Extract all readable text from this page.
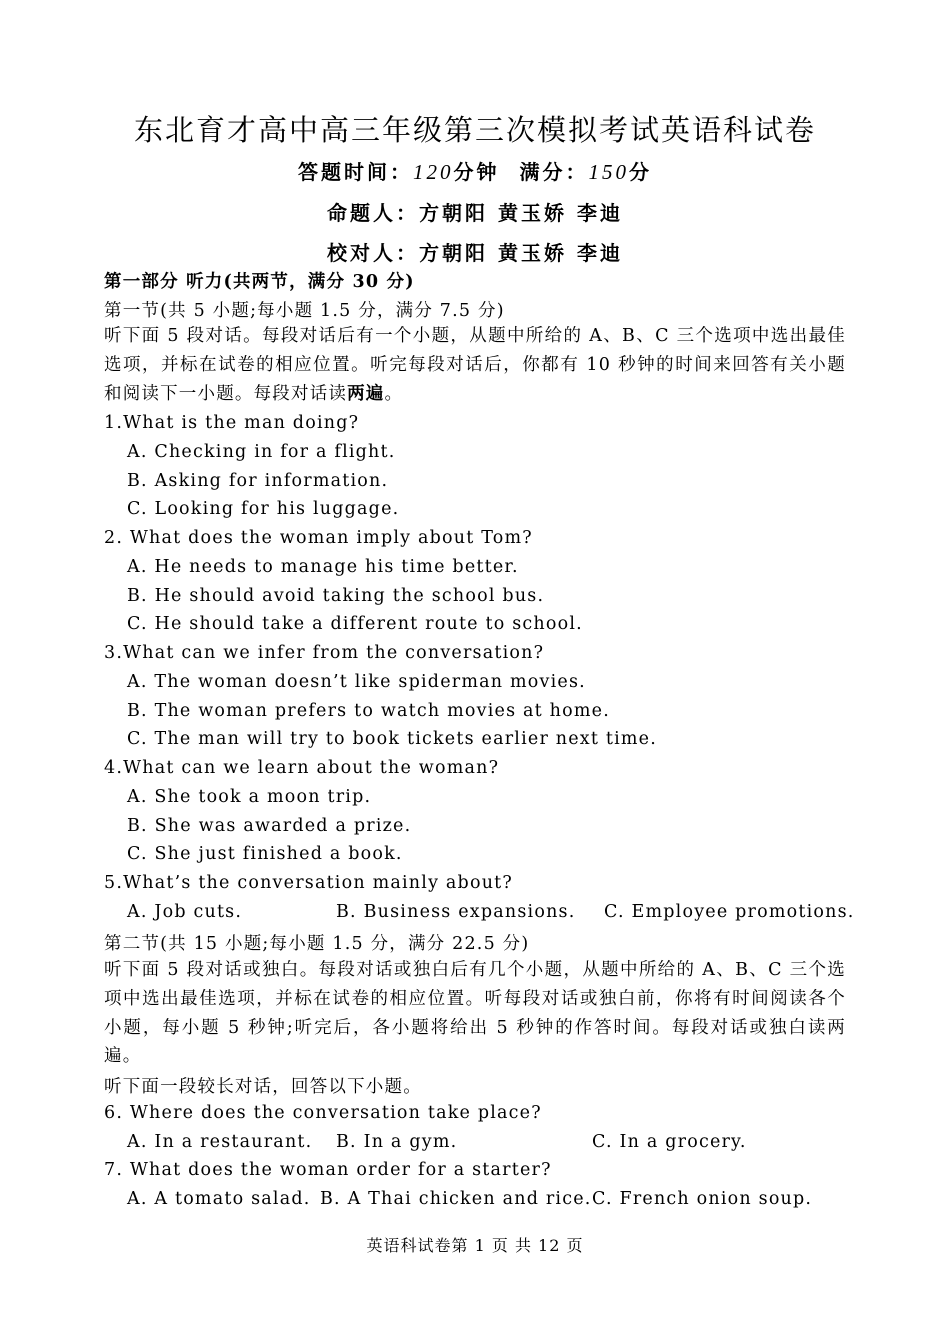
东北育才高中高三年级第三次模拟考试英语科试卷
答题时间：120分钟 满分：150分
命题人：方朝阳 黄玉娇 李迪
校对人：方朝阳 黄玉娇 李迪
第一部分 听力(共两节，满分 30 分)
第一节(共 5 小题;每小题 1.5 分，满分 7.5 分)
听下面 5 段对话。每段对话后有一个小题，从题中所给的 A、B、C 三个选项中选出最佳选项，并标在试卷的相应位置。听完每段对话后，你都有 10 秒钟的时间来回答有关小题和阅读下一小题。每段对话读两遍。
1.What is the man doing?
A. Checking in for a flight.
B. Asking for information.
C. Looking for his luggage.
2. What does the woman imply about Tom?
A. He needs to manage his time better.
B. He should avoid taking the school bus.
C. He should take a different route to school.
3.What can we infer from the conversation?
A. The woman doesn’t like spiderman movies.
B. The woman prefers to watch movies at home.
C. The man will try to book tickets earlier next time.
4.What can we learn about the woman?
A. She took a moon trip.
B. She was awarded a prize.
C. She just finished a book.
5.What’s the conversation mainly about?
A. Job cuts.	B. Business expansions. C. Employee promotions.
第二节(共 15 小题;每小题 1.5 分，满分 22.5 分)
听下面 5 段对话或独白。每段对话或独白后有几个小题，从题中所给的 A、B、C 三个选项中选出最佳选项，并标在试卷的相应位置。听每段对话或独白前，你将有时间阅读各个小题，每小题 5 秒钟;听完后，各小题将给出 5 秒钟的作答时间。每段对话或独白读两遍。
听下面一段较长对话，回答以下小题。
6. Where does the conversation take place?
A. In a restaurant. B. In a gym.	C. In a grocery.
7. What does the woman order for a starter?
A. A tomato salad. B. A Thai chicken and rice. C. French onion soup.
英语科试卷第 1 页 共 12 页
